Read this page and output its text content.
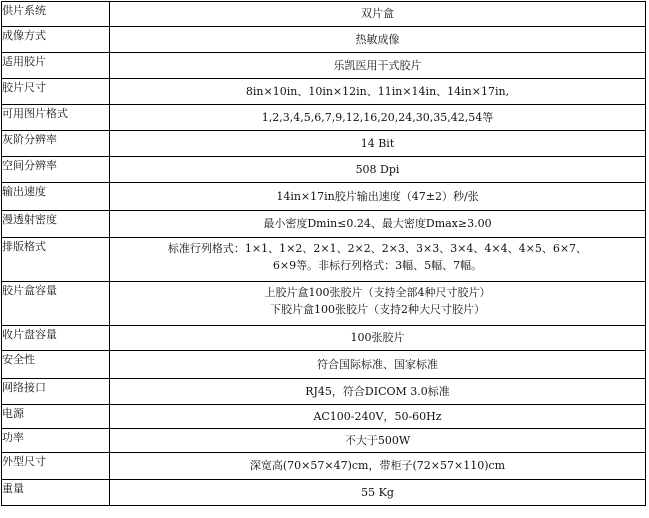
供片系统	双片盒
成像方式	热敏成像
适用胶片	乐凯医用干式胶片
胶片尺寸	8in×10in、10in×12in、11in×14in、14in×17in,
可用图片格式	1,2,3,4,5,6,7,9,12,16,20,24,30,35,42,54等
灰阶分辨率	14 Bit
空间分辨率	508 Dpi
输出速度	14in×17in胶片输出速度（47±2）秒/张
漫透射密度	最小密度Dmin≤0.24、最大密度Dmax≥3.00
排版格式	标准行列格式：1×1、1×2、2×1、2×2、2×3、3×3、3×4、4×4、4×5、6×7、
6×9等。非标行列格式：3幅、5幅、7幅。

胶片盒容量	上胶片盒100张胶片（支持全部4种尺寸胶片）
下胶片盒100张胶片（支持2种大尺寸胶片）

收片盘容量	100张胶片
安全性	符合国际标准、国家标准
网络接口	RJ45，符合DICOM 3.0标准
电源	AC100-240V，50-60Hz
功率	不大于500W
外型尺寸	深宽高(70×57×47)cm，带柜子(72×57×110)cm
重量	55 Kg
